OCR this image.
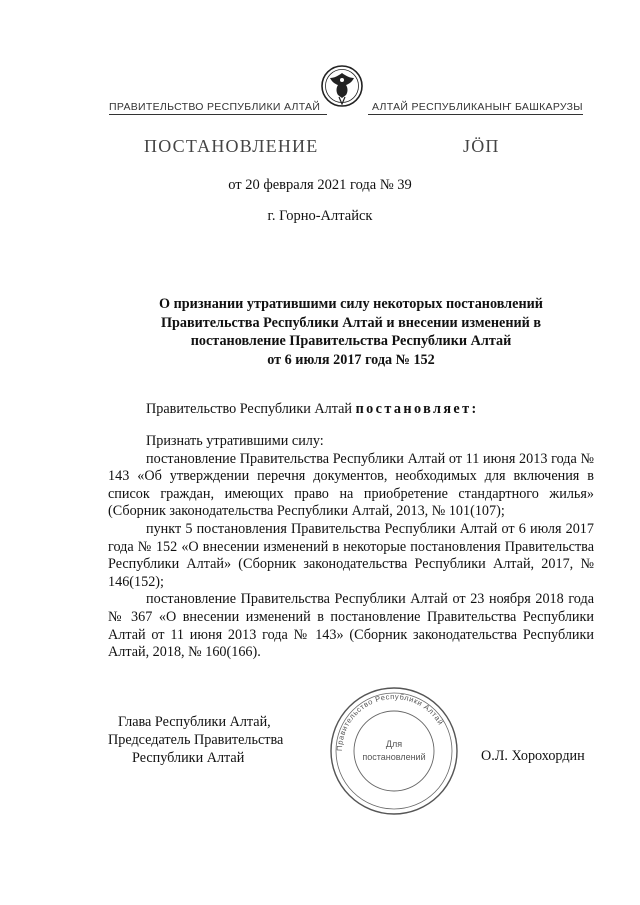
ПРАВИТЕЛЬСТВО РЕСПУБЛИКИ АЛТАЙ	АЛТАЙ РЕСПУБЛИКАНЫҤ БАШКАРУЗЫ
ПОСТАНОВЛЕНИЕ	ЈÖП
от 20 февраля 2021 года № 39
г. Горно-Алтайск
О признании утратившими силу некоторых постановлений
Правительства Республики Алтай и внесении изменений в
постановление Правительства Республики Алтай
от 6 июля 2017 года № 152
Правительство Республики Алтай постановляет:

Признать утратившими силу:

постановление Правительства Республики Алтай от 11 июня 2013 года № 143 «Об утверждении перечня документов, необходимых для включения в список граждан, имеющих право на приобретение стандартного жилья» (Сборник законодательства Республики Алтай, 2013, № 101(107);

пункт 5 постановления Правительства Республики Алтай от 6 июля 2017 года № 152 «О внесении изменений в некоторые постановления Правительства Республики Алтай» (Сборник законодательства Республики Алтай, 2017, № 146(152);

постановление Правительства Республики Алтай от 23 ноября 2018 года № 367 «О внесении изменений в постановление Правительства Республики Алтай от 11 июня 2013 года № 143» (Сборник законодательства Республики Алтай, 2018, № 160(166).

Глава Республики Алтай,
Председатель Правительства
Республики Алтай
Правительство Республики Алтай
Для
постановлений	О.Л. Хорохордин
